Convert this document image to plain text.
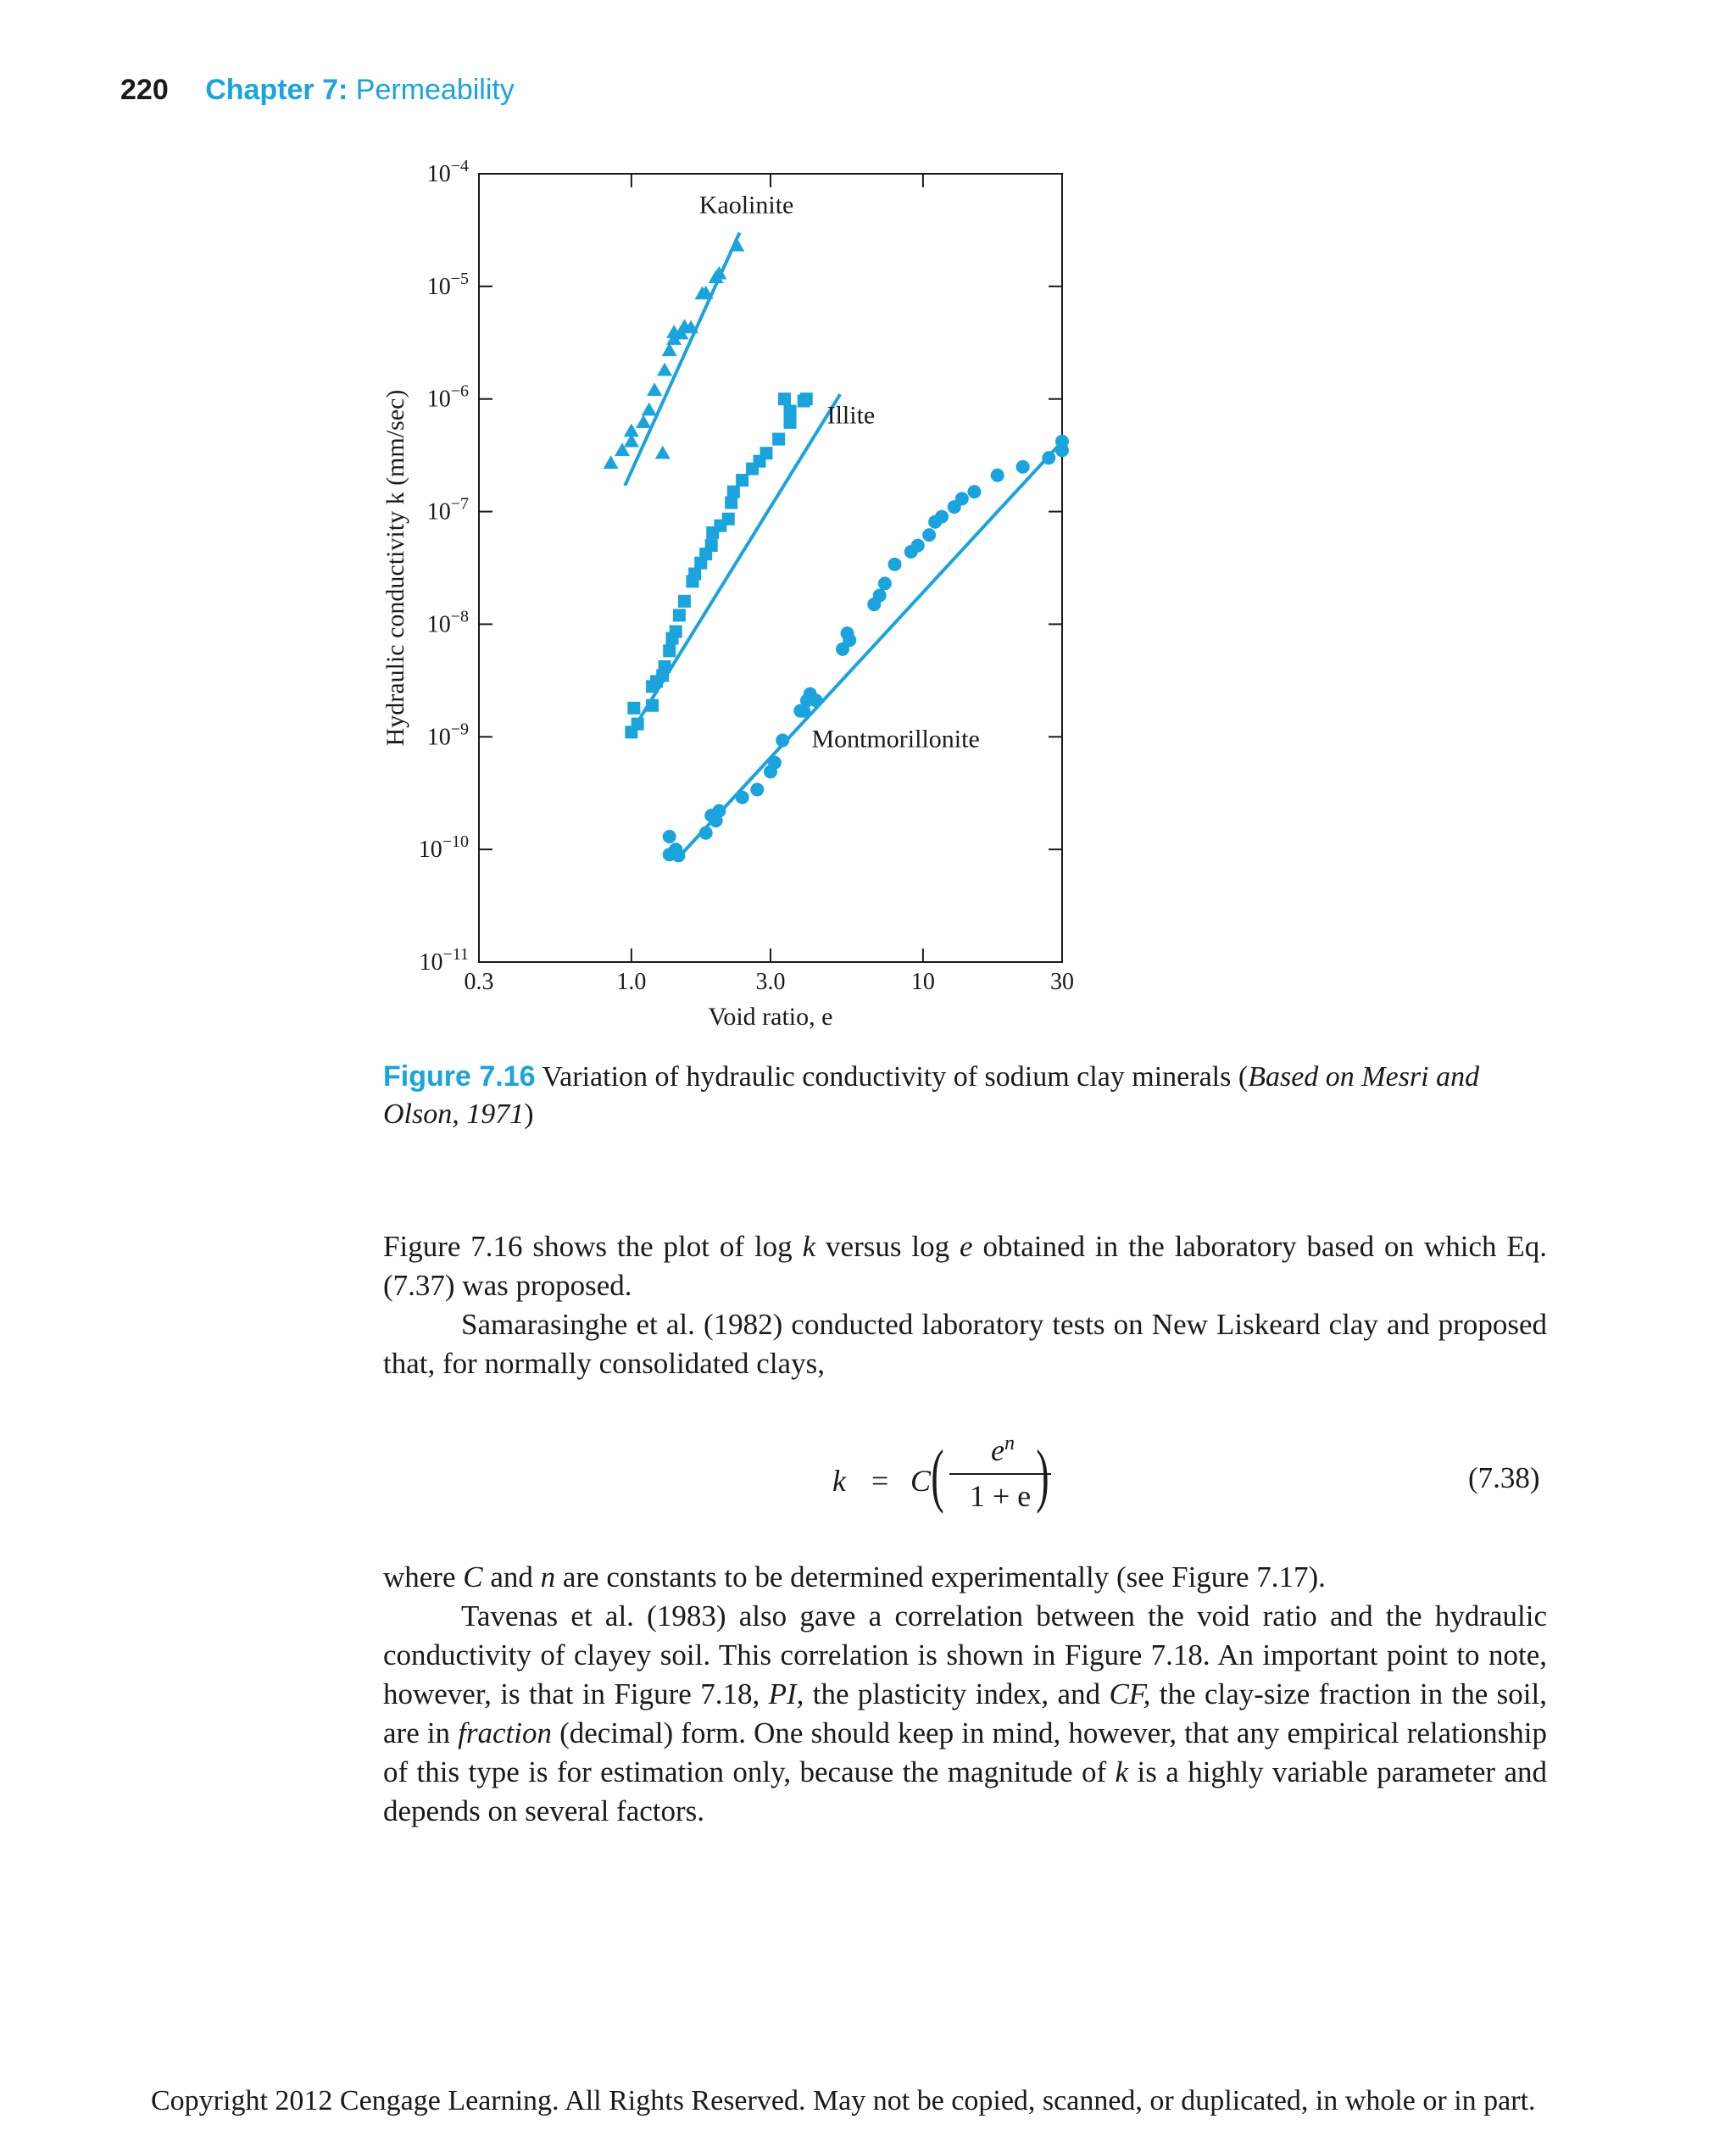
220 Chapter 7: Permeability
0.3	1.0	3.0	10	30
$10^{-4}$
$10^{-5}$
$10^{-6}$
$10^{-7}$
$10^{-8}$
$10^{-9}$
$10^{-10}$
$10^{-11}$
Void ratio, e
Hydraulic conductivity k (mm/sec)
Kaolinite
Illite
Montmorillonite
Figure 7.16 Variation of hydraulic conductivity of sodium clay minerals (Based on Mesri and Olson, 1971)
Figure 7.16 shows the plot of log k versus log e obtained in the laboratory based on which Eq. (7.37) was proposed.
Samarasinghe et al. (1982) conducted laboratory tests on New Liskeard clay and proposed that, for normally consolidated clays,
k = C (	$e^n$
1 + e )	(7.38)
where C and n are constants to be determined experimentally (see Figure 7.17).
Tavenas et al. (1983) also gave a correlation between the void ratio and the hydraulic conductivity of clayey soil. This correlation is shown in Figure 7.18. An important point to note, however, is that in Figure 7.18, PI, the plasticity index, and CF, the clay-size fraction in the soil, are in fraction (decimal) form. One should keep in mind, however, that any empirical relationship of this type is for estimation only, because the magnitude of k is a highly variable parameter and depends on several factors.
Copyright 2012 Cengage Learning. All Rights Reserved. May not be copied, scanned, or duplicated, in whole or in part.
